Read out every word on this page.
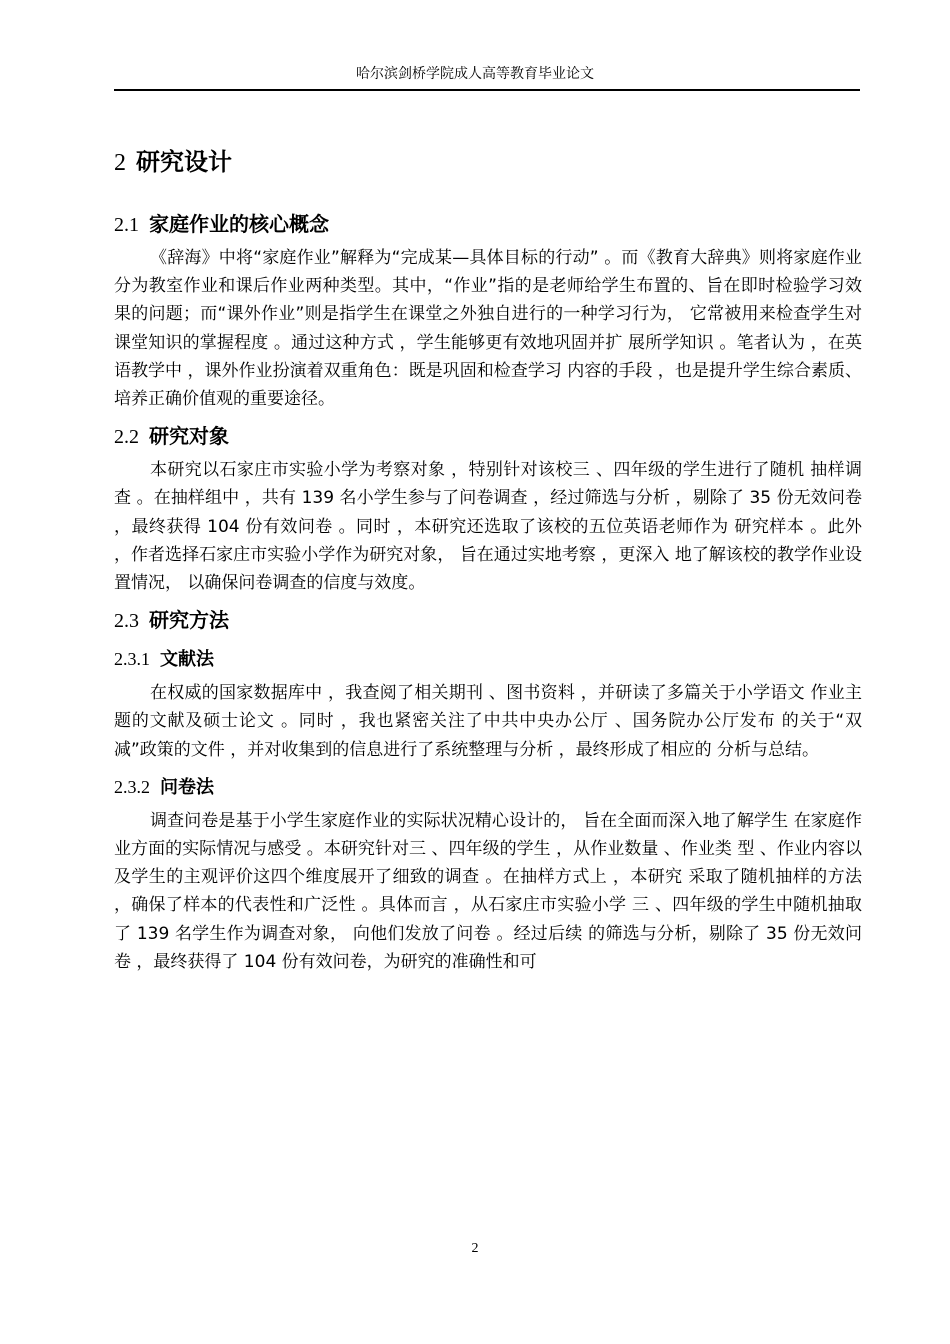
哈尔滨剑桥学院成人高等教育毕业论文
2 研究设计
2.1 家庭作业的核心概念

《辞海》中将“家庭作业”解释为“完成某—具体目标的行动” 。而《教育大辞典》则将家庭作业分为教室作业和课后作业两种类型。其中，“作业”指的是老师给学生布置的、旨在即时检验学习效果的问题；而“课外作业”则是指学生在课堂之外独自进行的一种学习行为， 它常被用来检查学生对课堂知识的掌握程度 。通过这种方式 ，学生能够更有效地巩固并扩 展所学知识 。笔者认为 ，在英语教学中 ，课外作业扮演着双重角色：既是巩固和检查学习 内容的手段 ，也是提升学生综合素质、培养正确价值观的重要途径。

2.2 研究对象

本研究以石家庄市实验小学为考察对象 ，特别针对该校三 、四年级的学生进行了随机 抽样调查 。在抽样组中 ，共有 139 名小学生参与了问卷调查 ，经过筛选与分析 ，剔除了 35 份无效问卷 ，最终获得 104 份有效问卷 。同时 ，本研究还选取了该校的五位英语老师作为 研究样本 。此外 ，作者选择石家庄市实验小学作为研究对象， 旨在通过实地考察 ，更深入 地了解该校的教学作业设置情况， 以确保问卷调查的信度与效度。

2.3 研究方法
2.3.1 文献法

在权威的国家数据库中 ，我查阅了相关期刊 、图书资料 ，并研读了多篇关于小学语文 作业主题的文献及硕士论文 。同时 ，我也紧密关注了中共中央办公厅 、国务院办公厅发布 的关于“双减”政策的文件 ，并对收集到的信息进行了系统整理与分析 ，最终形成了相应的 分析与总结。

2.3.2 问卷法

调查问卷是基于小学生家庭作业的实际状况精心设计的， 旨在全面而深入地了解学生 在家庭作业方面的实际情况与感受 。本研究针对三 、四年级的学生 ，从作业数量 、作业类 型 、作业内容以及学生的主观评价这四个维度展开了细致的调查 。在抽样方式上 ，本研究 采取了随机抽样的方法 ，确保了样本的代表性和广泛性 。具体而言 ，从石家庄市实验小学 三 、四年级的学生中随机抽取了 139 名学生作为调查对象， 向他们发放了问卷 。经过后续 的筛选与分析，剔除了 35 份无效问卷 ，最终获得了 104 份有效问卷，为研究的准确性和可

2
